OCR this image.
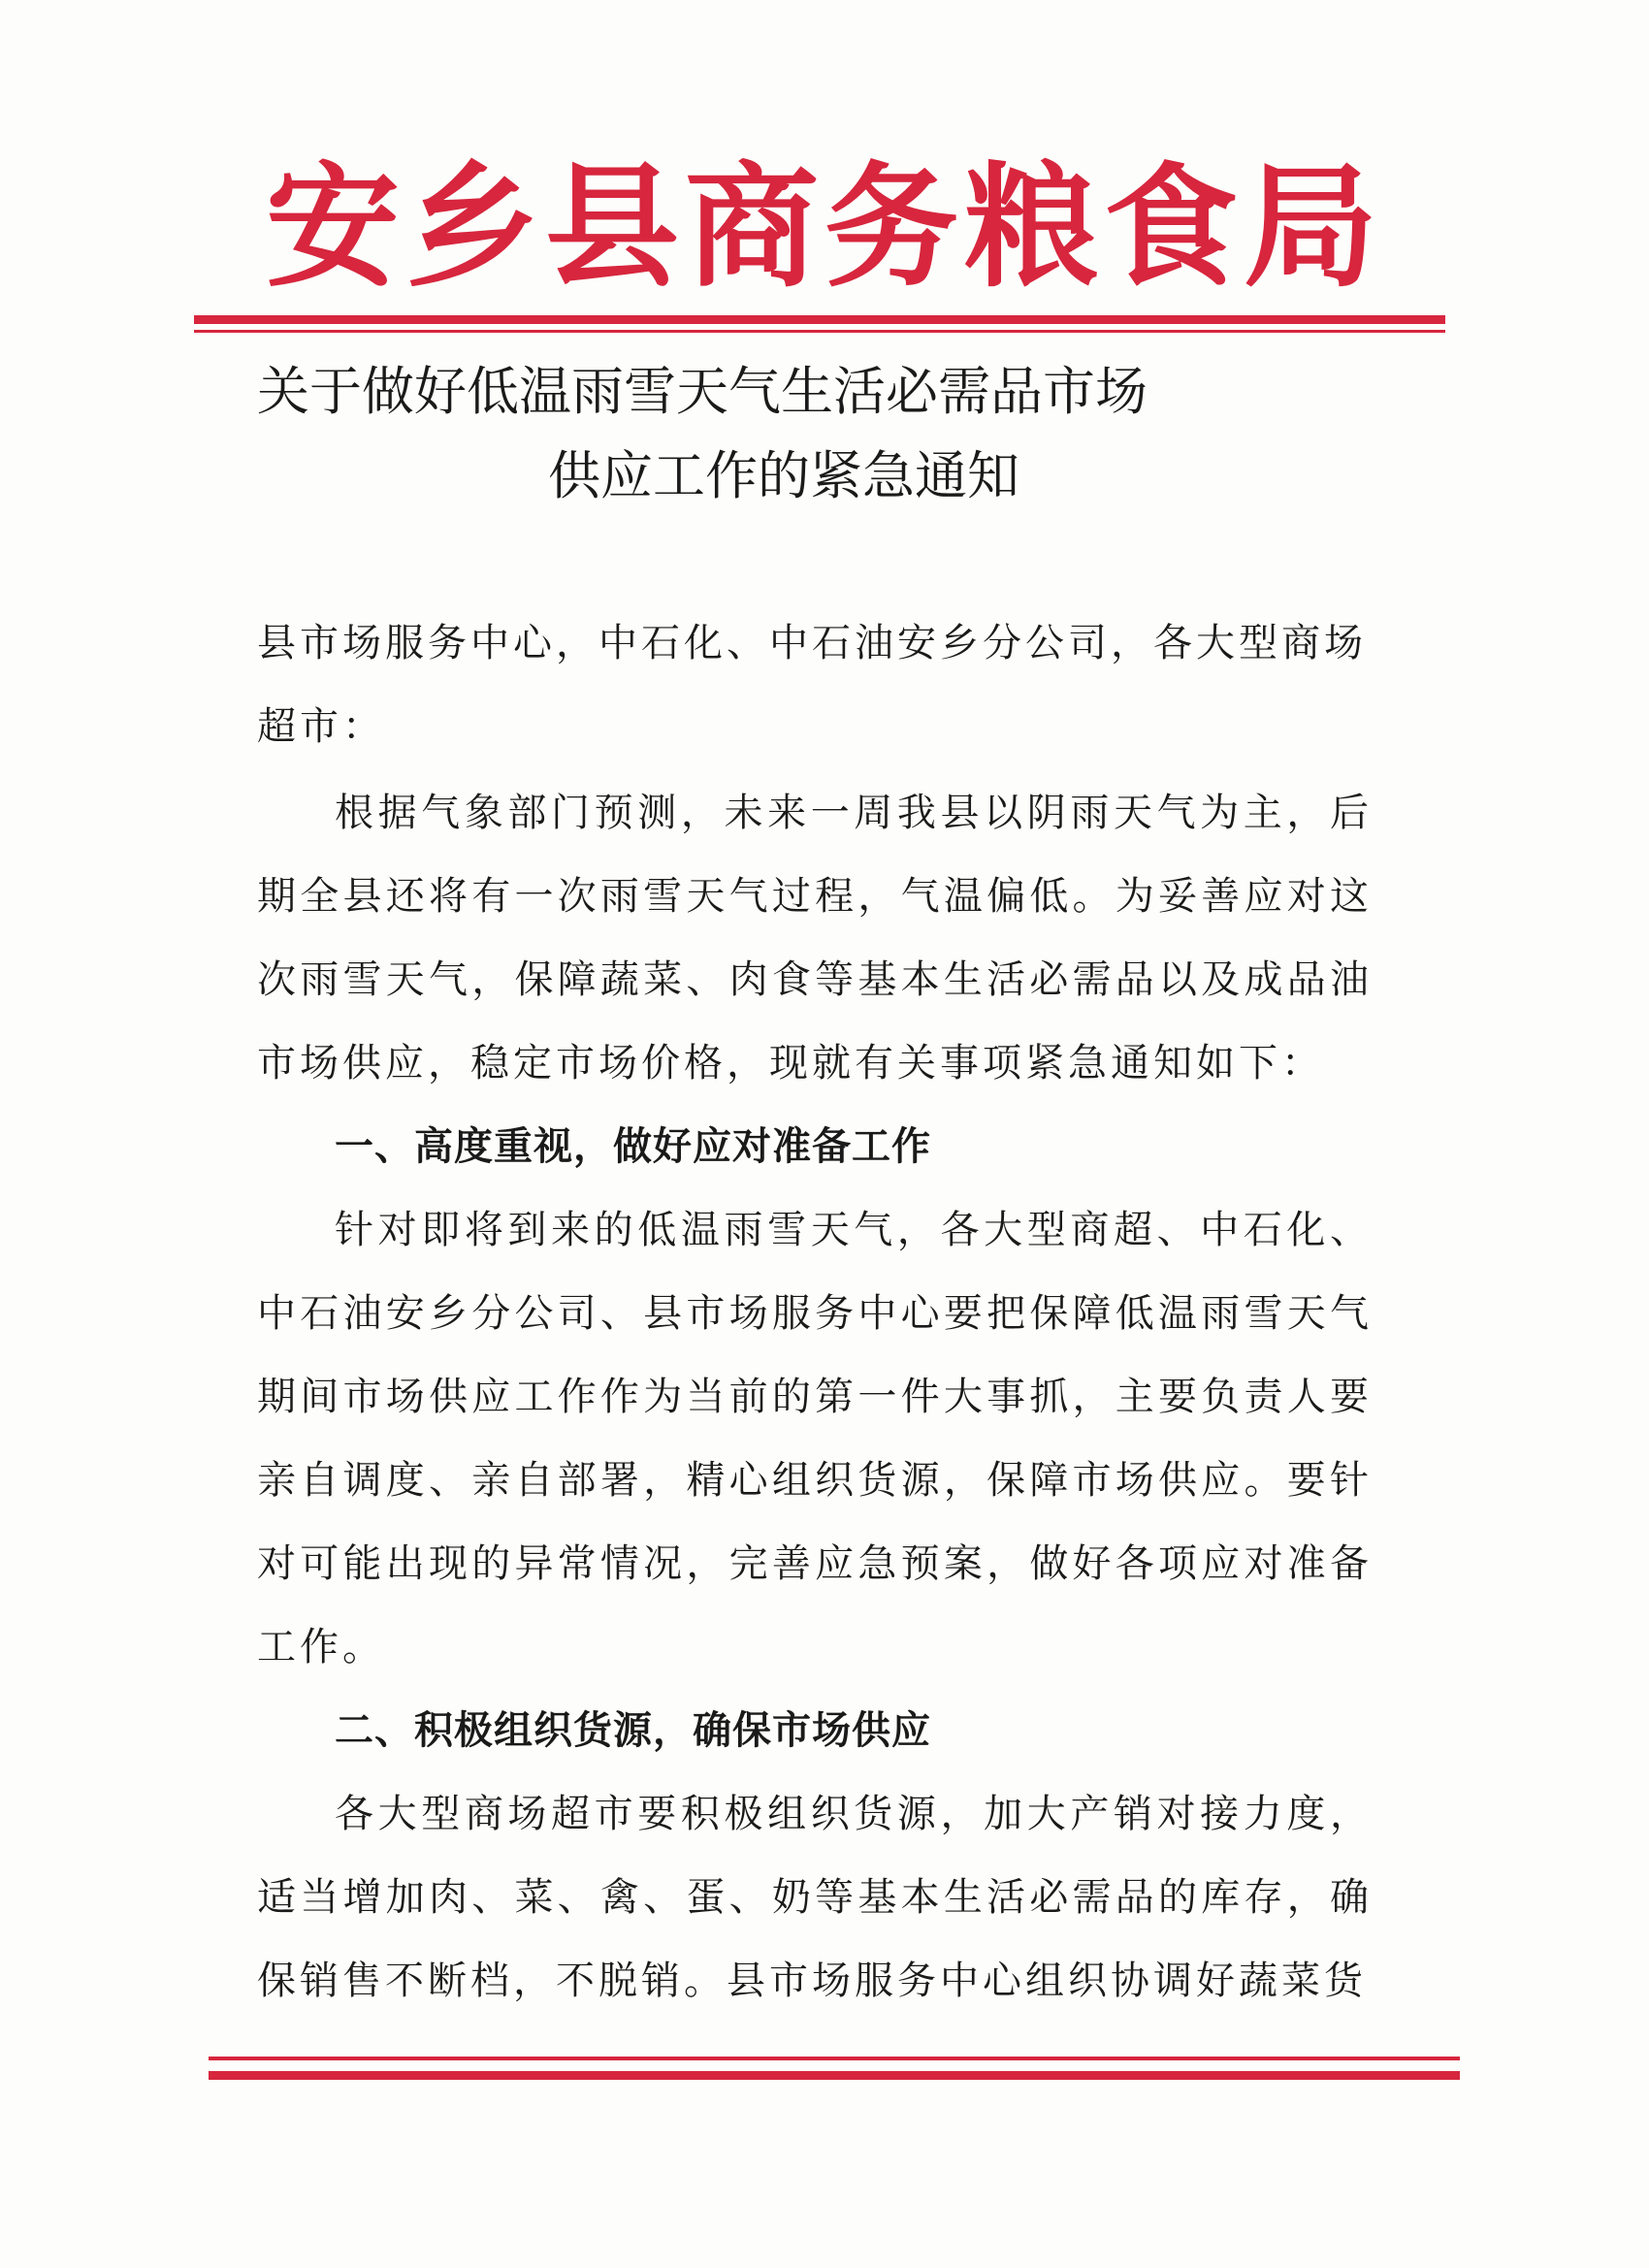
安乡县商务粮食局
关于做好低温雨雪天气生活必需品市场
供应工作的紧急通知
县市场服务中心，中石化、中石油安乡分公司，各大型商场超市：

根据气象部门预测，未来一周我县以阴雨天气为主，后期全县还将有一次雨雪天气过程，气温偏低。为妥善应对这次雨雪天气，保障蔬菜、肉食等基本生活必需品以及成品油市场供应，稳定市场价格，现就有关事项紧急通知如下：

一、高度重视，做好应对准备工作

针对即将到来的低温雨雪天气，各大型商超、中石化、中石油安乡分公司、县市场服务中心要把保障低温雨雪天气期间市场供应工作作为当前的第一件大事抓，主要负责人要亲自调度、亲自部署，精心组织货源，保障市场供应。要针对可能出现的异常情况，完善应急预案，做好各项应对准备工作。

二、积极组织货源，确保市场供应

各大型商场超市要积极组织货源，加大产销对接力度，适当增加肉、菜、禽、蛋、奶等基本生活必需品的库存，确保销售不断档，不脱销。县市场服务中心组织协调好蔬菜货
